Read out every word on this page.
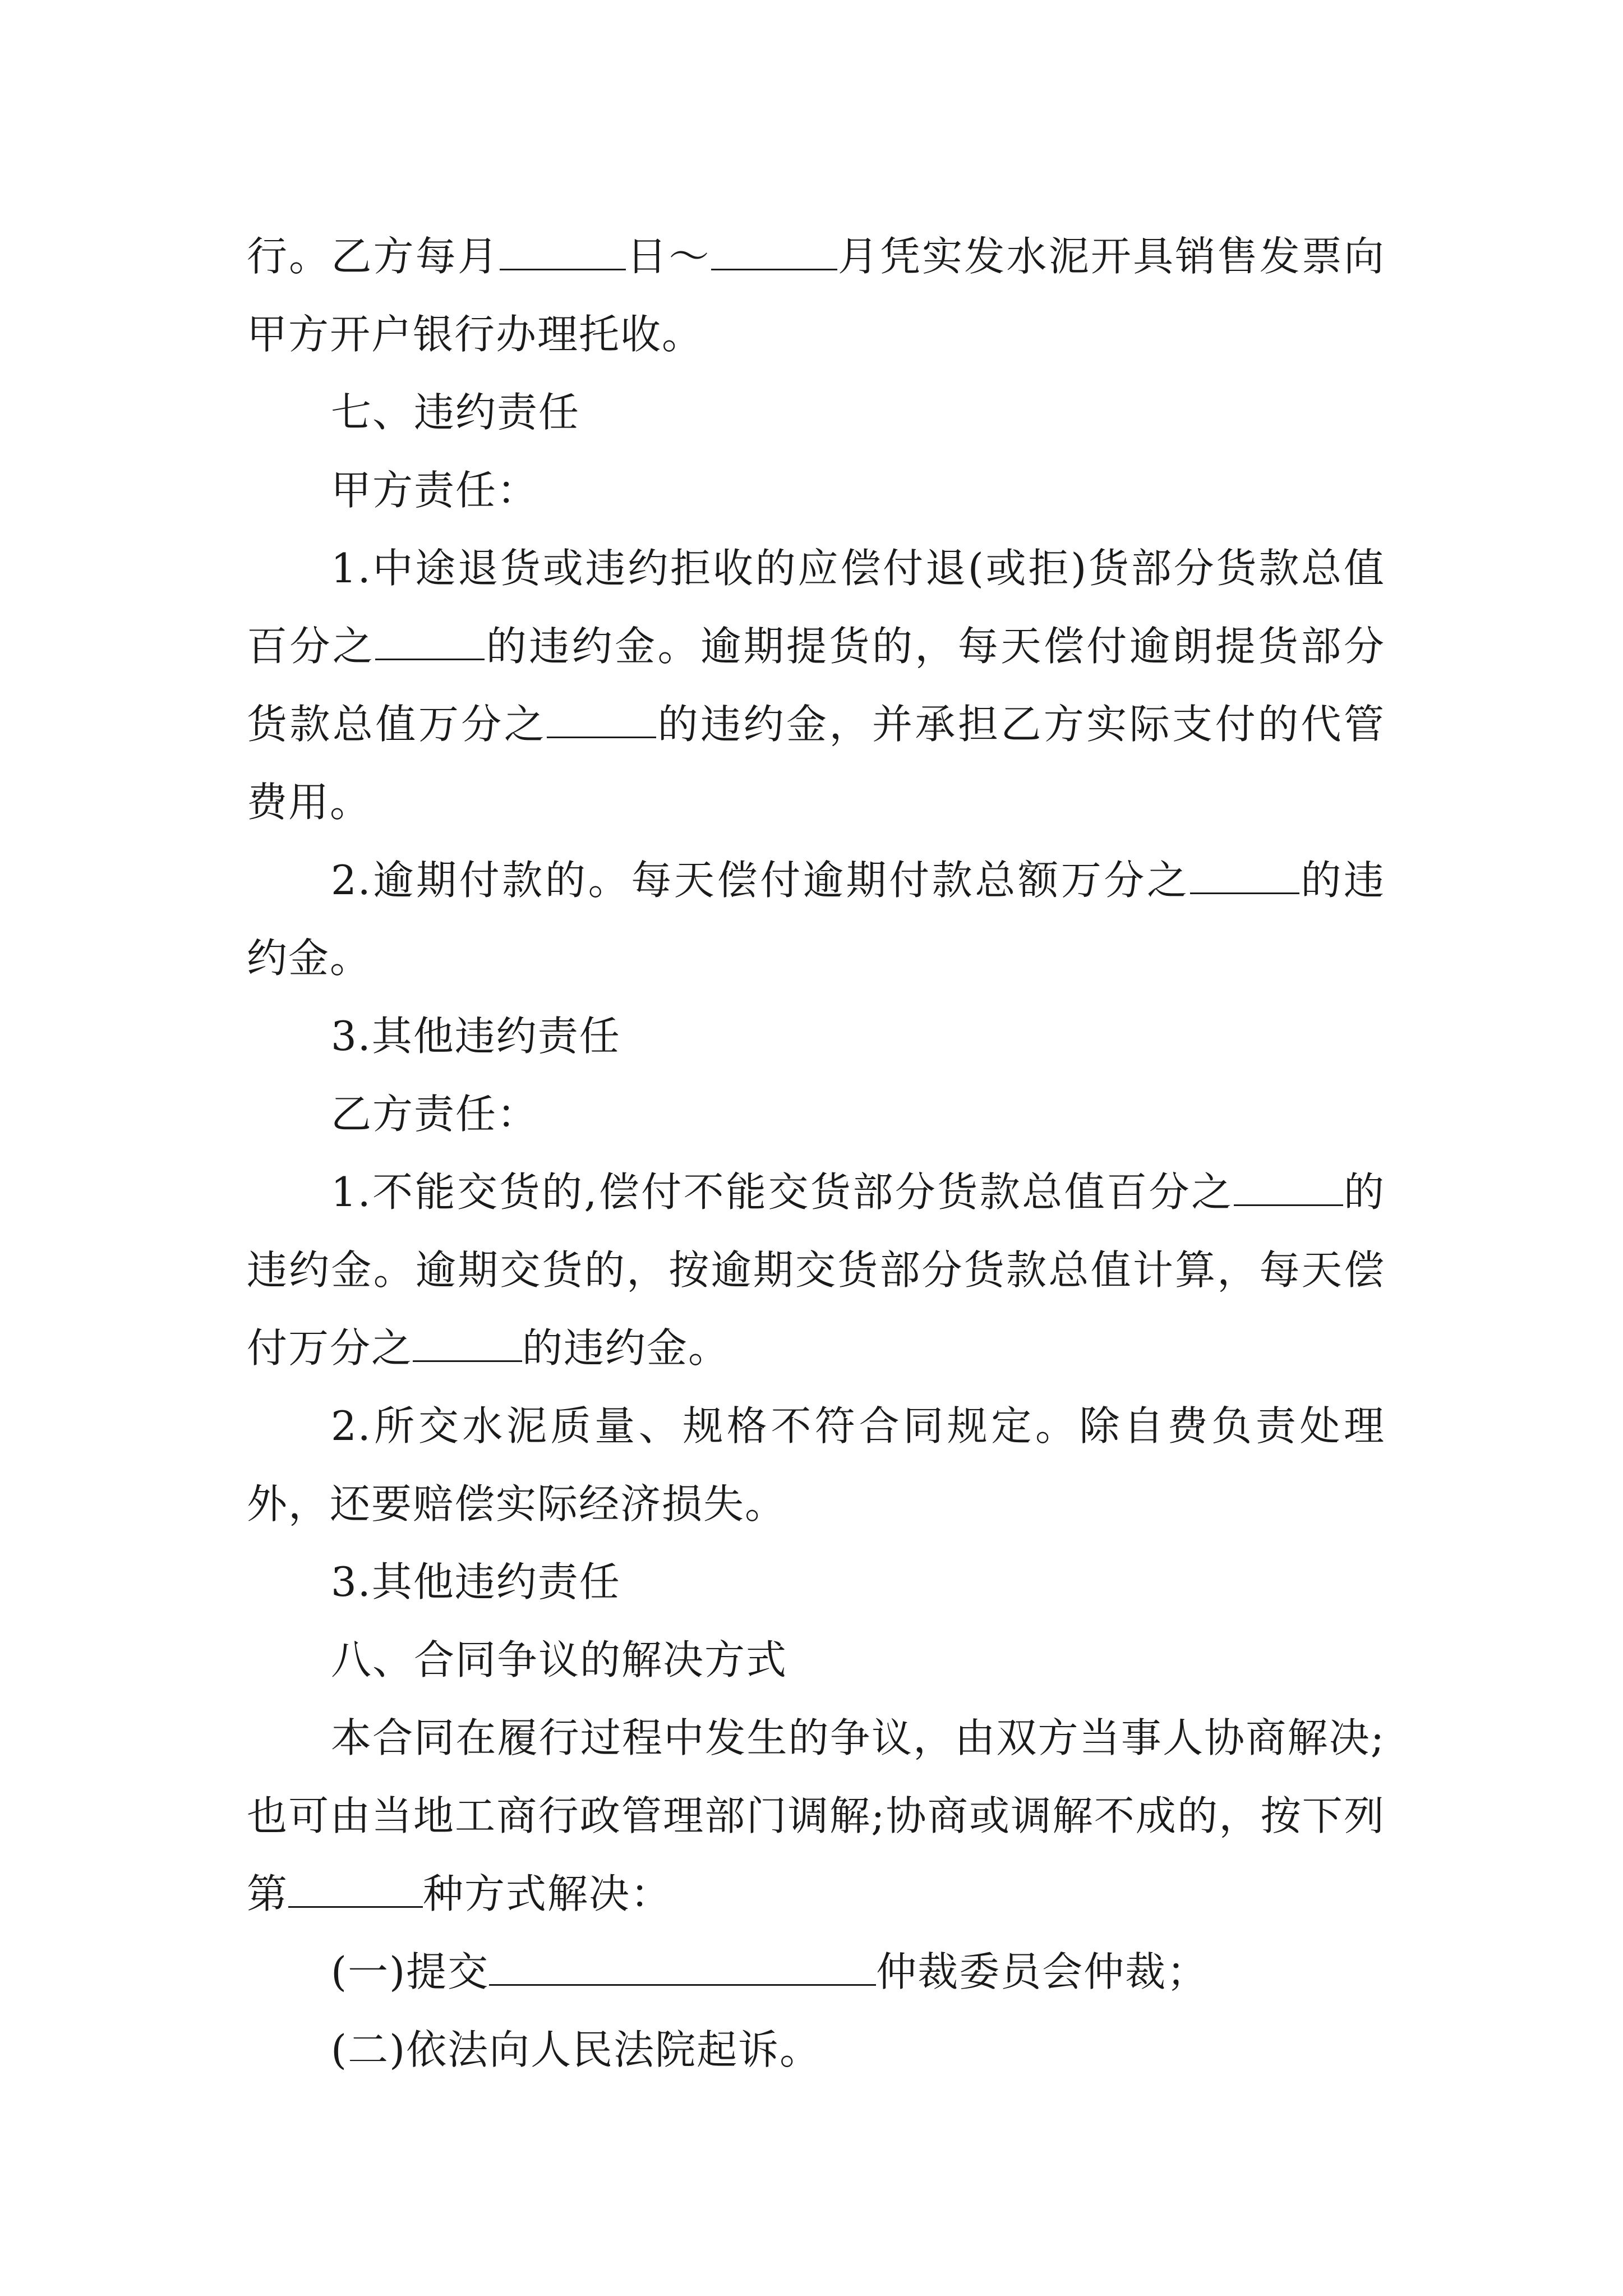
行。乙方每月	日～	月凭实发水泥开具销售发票向甲方开户银行办理托收。

七、违约责任

甲方责任：

1.中途退货或违约拒收的应偿付退(或拒)货部分货款总值百分之	的违约金。逾期提货的，每天偿付逾朗提货部分货款总值万分之	的违约金，并承担乙方实际支付的代管费用。

2.逾期付款的。每天偿付逾期付款总额万分之	的违约金。

3.其他违约责任

乙方责任：

1.不能交货的,偿付不能交货部分货款总值百分之	的违约金。逾期交货的，按逾期交货部分货款总值计算，每天偿付万分之	的违约金。

2.所交水泥质量、规格不符合同规定。除自费负责处理外，还要赔偿实际经济损失。

3.其他违约责任

八、合同争议的解决方式

本合同在履行过程中发生的争议，由双方当事人协商解决;也可由当地工商行政管理部门调解;协商或调解不成的，按下列第	种方式解决：

(一)提交	仲裁委员会仲裁；

(二)依法向人民法院起诉。
